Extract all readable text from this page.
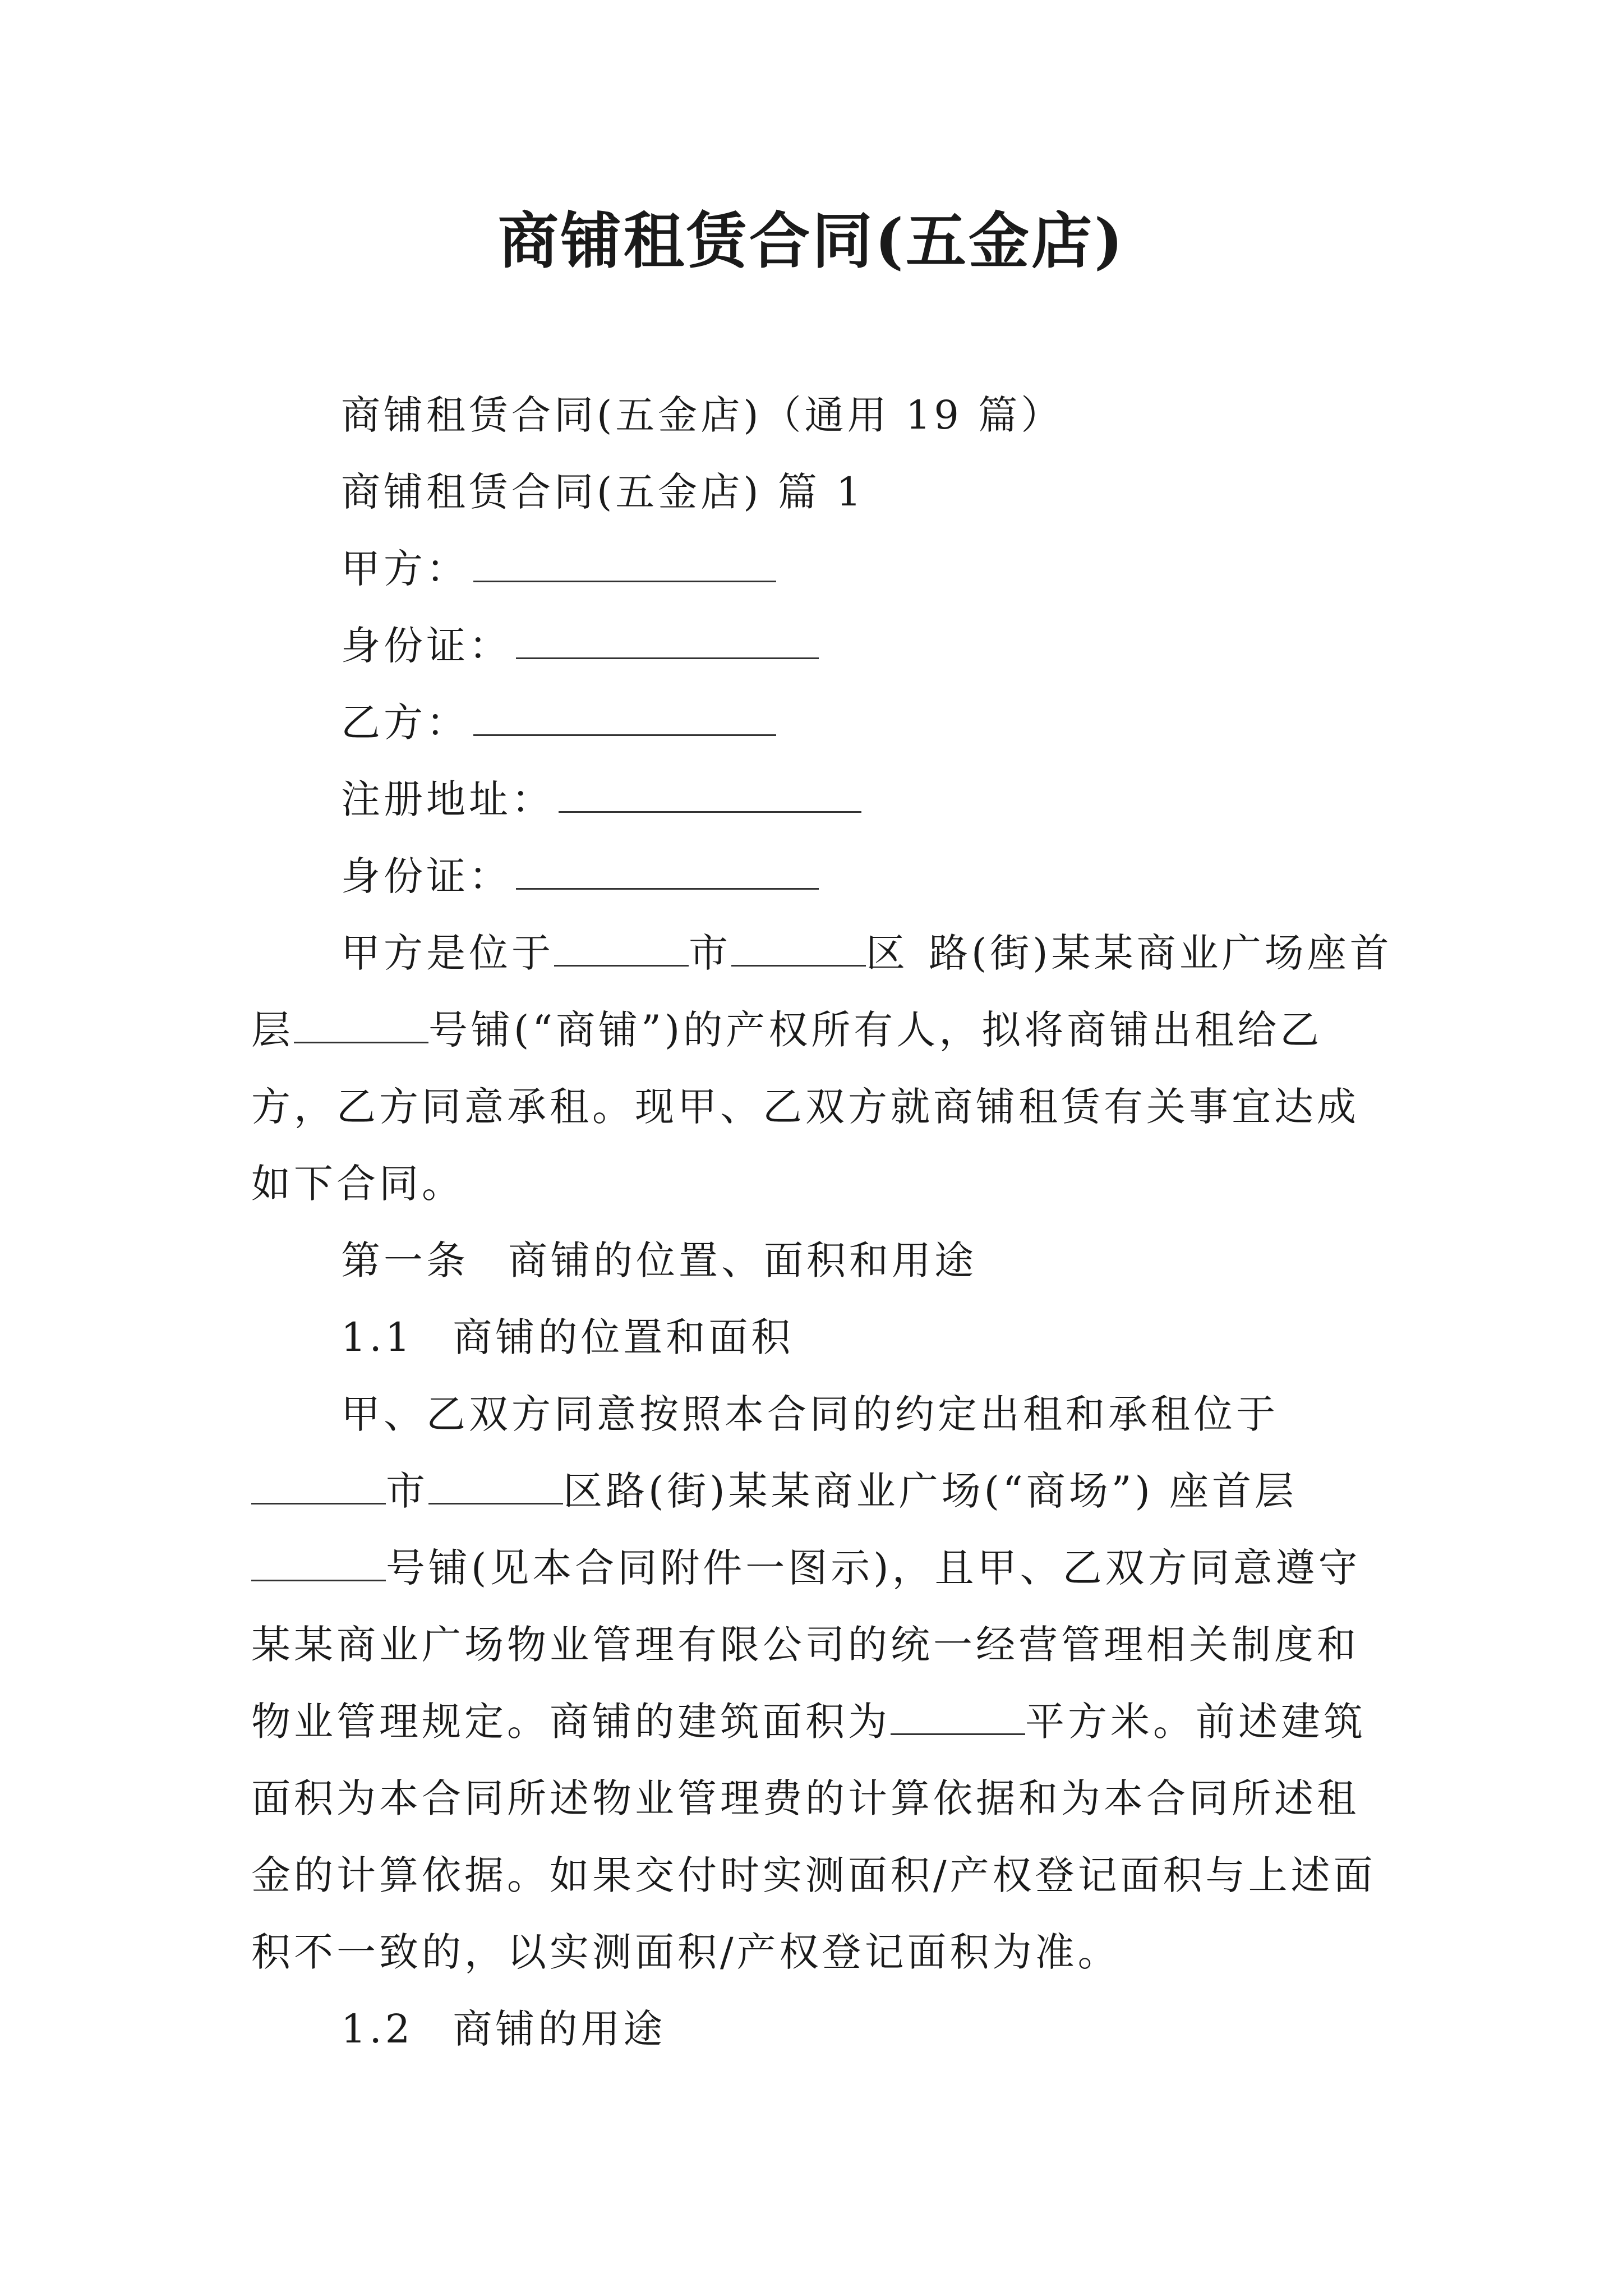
商铺租赁合同(五金店)

商铺租赁合同(五金店)（通用 19 篇）

商铺租赁合同(五金店) 篇 1

甲方：

身份证：

乙方：

注册地址：

身份证：

甲方是位于	市	区 路(街)某某商业广场座首层	号铺(“商铺”)的产权所有人，拟将商铺出租给乙方，乙方同意承租。现甲、乙双方就商铺租赁有关事宜达成如下合同。

第一条 商铺的位置、面积和用途

1.1 商铺的位置和面积

甲、乙双方同意按照本合同的约定出租和承租位于市	区路(街)某某商业广场(“商场”) 座首层号铺(见本合同附件一图示)，且甲、乙双方同意遵守某某商业广场物业管理有限公司的统一经营管理相关制度和物业管理规定。商铺的建筑面积为	平方米。前述建筑面积为本合同所述物业管理费的计算依据和为本合同所述租金的计算依据。如果交付时实测面积/产权登记面积与上述面积不一致的，以实测面积/产权登记面积为准。

1.2 商铺的用途
